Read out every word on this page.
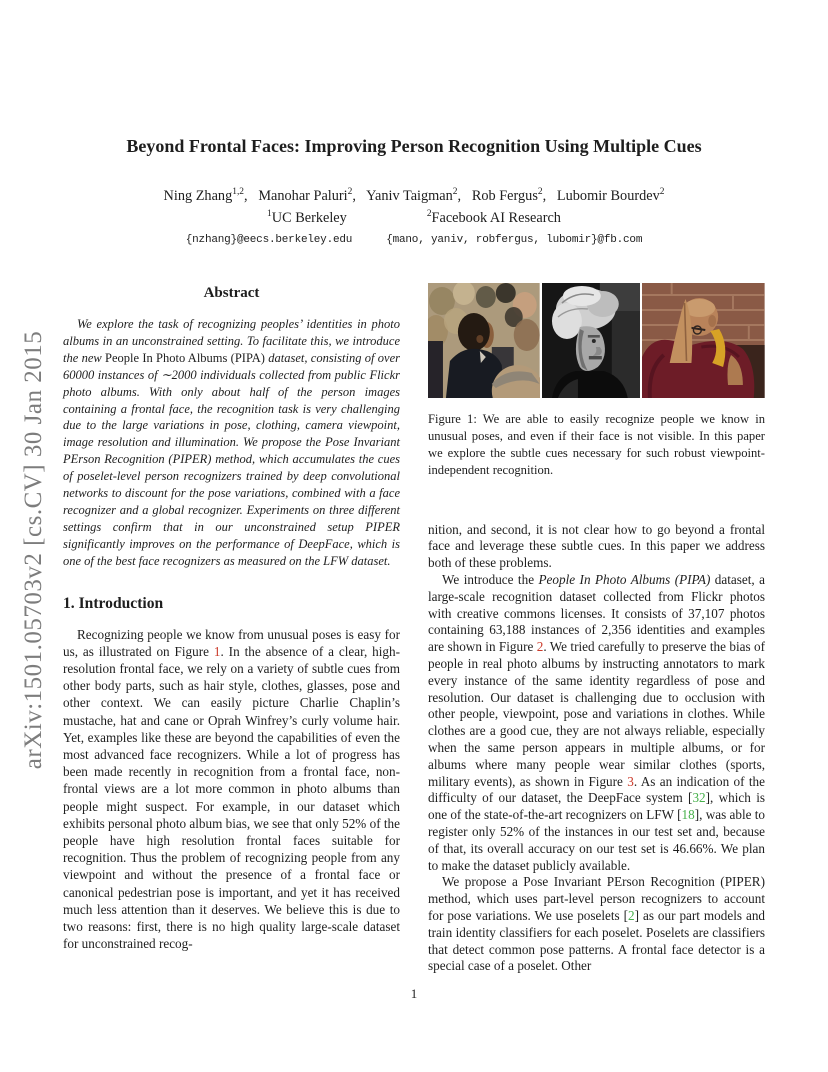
arXiv:1501.05703v2 [cs.CV] 30 Jan 2015
Beyond Frontal Faces: Improving Person Recognition Using Multiple Cues
Ning Zhang$^{1,2}$,  Manohar Paluri$^2$,  Yaniv Taigman$^2$,  Rob Fergus$^2$,  Lubomir Bourdev$^2$
$^1$UC Berkeley	$^2$Facebook AI Research
{nzhang}@eecs.berkeley.edu	{mano, yaniv, robfergus, lubomir}@fb.com
Abstract

We explore the task of recognizing peoples’ identities in photo albums in an unconstrained setting. To facilitate this, we introduce the new People In Photo Albums (PIPA) dataset, consisting of over 60000 instances of ∼2000 individuals collected from public Flickr photo albums. With only about half of the person images containing a frontal face, the recognition task is very challenging due to the large variations in pose, clothing, camera viewpoint, image resolution and illumination. We propose the Pose Invariant PErson Recognition (PIPER) method, which accumulates the cues of poselet-level person recognizers trained by deep convolutional networks to discount for the pose variations, combined with a face recognizer and a global recognizer. Experiments on three different settings confirm that in our unconstrained setup PIPER significantly improves on the performance of DeepFace, which is one of the best face recognizers as measured on the LFW dataset.

1. Introduction

Recognizing people we know from unusual poses is easy for us, as illustrated on Figure 1. In the absence of a clear, high-resolution frontal face, we rely on a variety of subtle cues from other body parts, such as hair style, clothes, glasses, pose and other context. We can easily picture Charlie Chaplin’s mustache, hat and cane or Oprah Winfrey’s curly volume hair. Yet, examples like these are beyond the capabilities of even the most advanced face recognizers. While a lot of progress has been made recently in recognition from a frontal face, non-frontal views are a lot more common in photo albums than people might suspect. For example, in our dataset which exhibits personal photo album bias, we see that only 52% of the people have high resolution frontal faces suitable for recognition. Thus the problem of recognizing people from any viewpoint and without the presence of a frontal face or canonical pedestrian pose is important, and yet it has received much less attention than it deserves. We believe this is due to two reasons: first, there is no high quality large-scale dataset for unconstrained recog-

Figure 1: We are able to easily recognize people we know in unusual poses, and even if their face is not visible. In this paper we explore the subtle cues necessary for such robust viewpoint-independent recognition.

nition, and second, it is not clear how to go beyond a frontal face and leverage these subtle cues. In this paper we address both of these problems.

We introduce the People In Photo Albums (PIPA) dataset, a large-scale recognition dataset collected from Flickr photos with creative commons licenses. It consists of 37,107 photos containing 63,188 instances of 2,356 identities and examples are shown in Figure 2. We tried carefully to preserve the bias of people in real photo albums by instructing annotators to mark every instance of the same identity regardless of pose and resolution. Our dataset is challenging due to occlusion with other people, viewpoint, pose and variations in clothes. While clothes are a good cue, they are not always reliable, especially when the same person appears in multiple albums, or for albums where many people wear similar clothes (sports, military events), as shown in Figure 3. As an indication of the difficulty of our dataset, the DeepFace system [32], which is one of the state-of-the-art recognizers on LFW [18], was able to register only 52% of the instances in our test set and, because of that, its overall accuracy on our test set is 46.66%. We plan to make the dataset publicly available.

We propose a Pose Invariant PErson Recognition (PIPER) method, which uses part-level person recognizers to account for pose variations. We use poselets [2] as our part models and train identity classifiers for each poselet. Poselets are classifiers that detect common pose patterns. A frontal face detector is a special case of a poselet. Other

1
